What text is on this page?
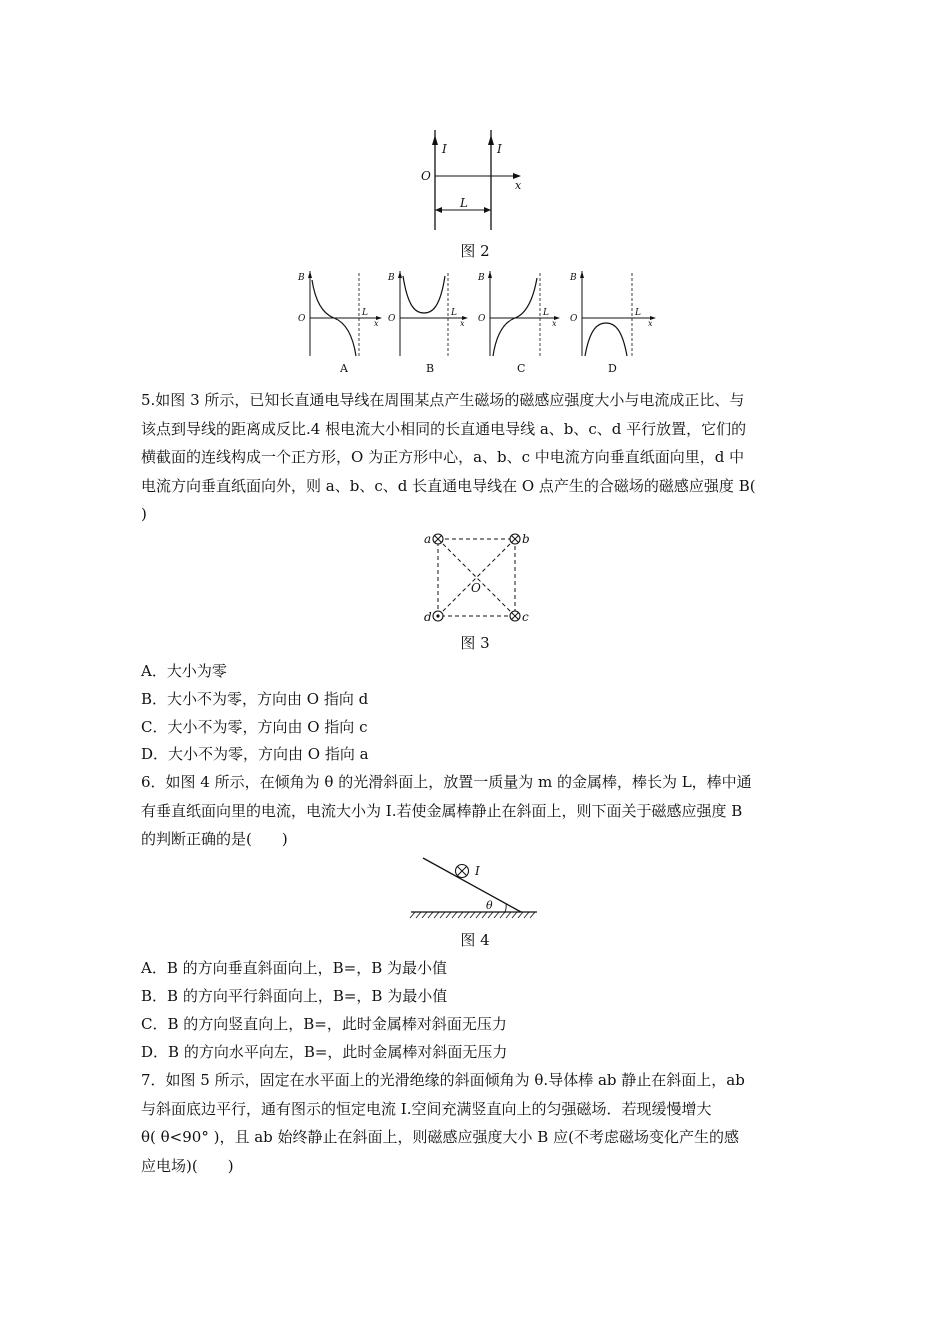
I	I
O
x
L
图 2
B
O
L
x
A
B
O
L
x
B
B
O
L
x
C
B
O
L
x
D
5.如图 3 所示，已知长直通电导线在周围某点产生磁场的磁感应强度大小与电流成正比、与
该点到导线的距离成反比.4 根电流大小相同的长直通电导线 a、b、c、d 平行放置，它们的
横截面的连线构成一个正方形，O 为正方形中心，a、b、c 中电流方向垂直纸面向里，d 中
电流方向垂直纸面向外，则 a、b、c、d 长直通电导线在 O 点产生的合磁场的磁感应强度 B(
)
a	b
c
d
O
图 3
A．大小为零
B．大小不为零，方向由 O 指向 d
C．大小不为零，方向由 O 指向 c
D．大小不为零，方向由 O 指向 a
6．如图 4 所示，在倾角为 θ 的光滑斜面上，放置一质量为 m 的金属棒，棒长为 L，棒中通
有垂直纸面向里的电流，电流大小为 I.若使金属棒静止在斜面上，则下面关于磁感应强度 B
的判断正确的是(　　)
I
θ
图 4
A．B 的方向垂直斜面向上，B=，B 为最小值
B．B 的方向平行斜面向上，B=，B 为最小值
C．B 的方向竖直向上，B=，此时金属棒对斜面无压力
D．B 的方向水平向左，B=，此时金属棒对斜面无压力
7．如图 5 所示，固定在水平面上的光滑绝缘的斜面倾角为 θ.导体棒 ab 静止在斜面上，ab
与斜面底边平行，通有图示的恒定电流 I.空间充满竖直向上的匀强磁场．若现缓慢增大
θ( θ<90° )，且 ab 始终静止在斜面上，则磁感应强度大小 B 应(不考虑磁场变化产生的感
应电场)(　　)
